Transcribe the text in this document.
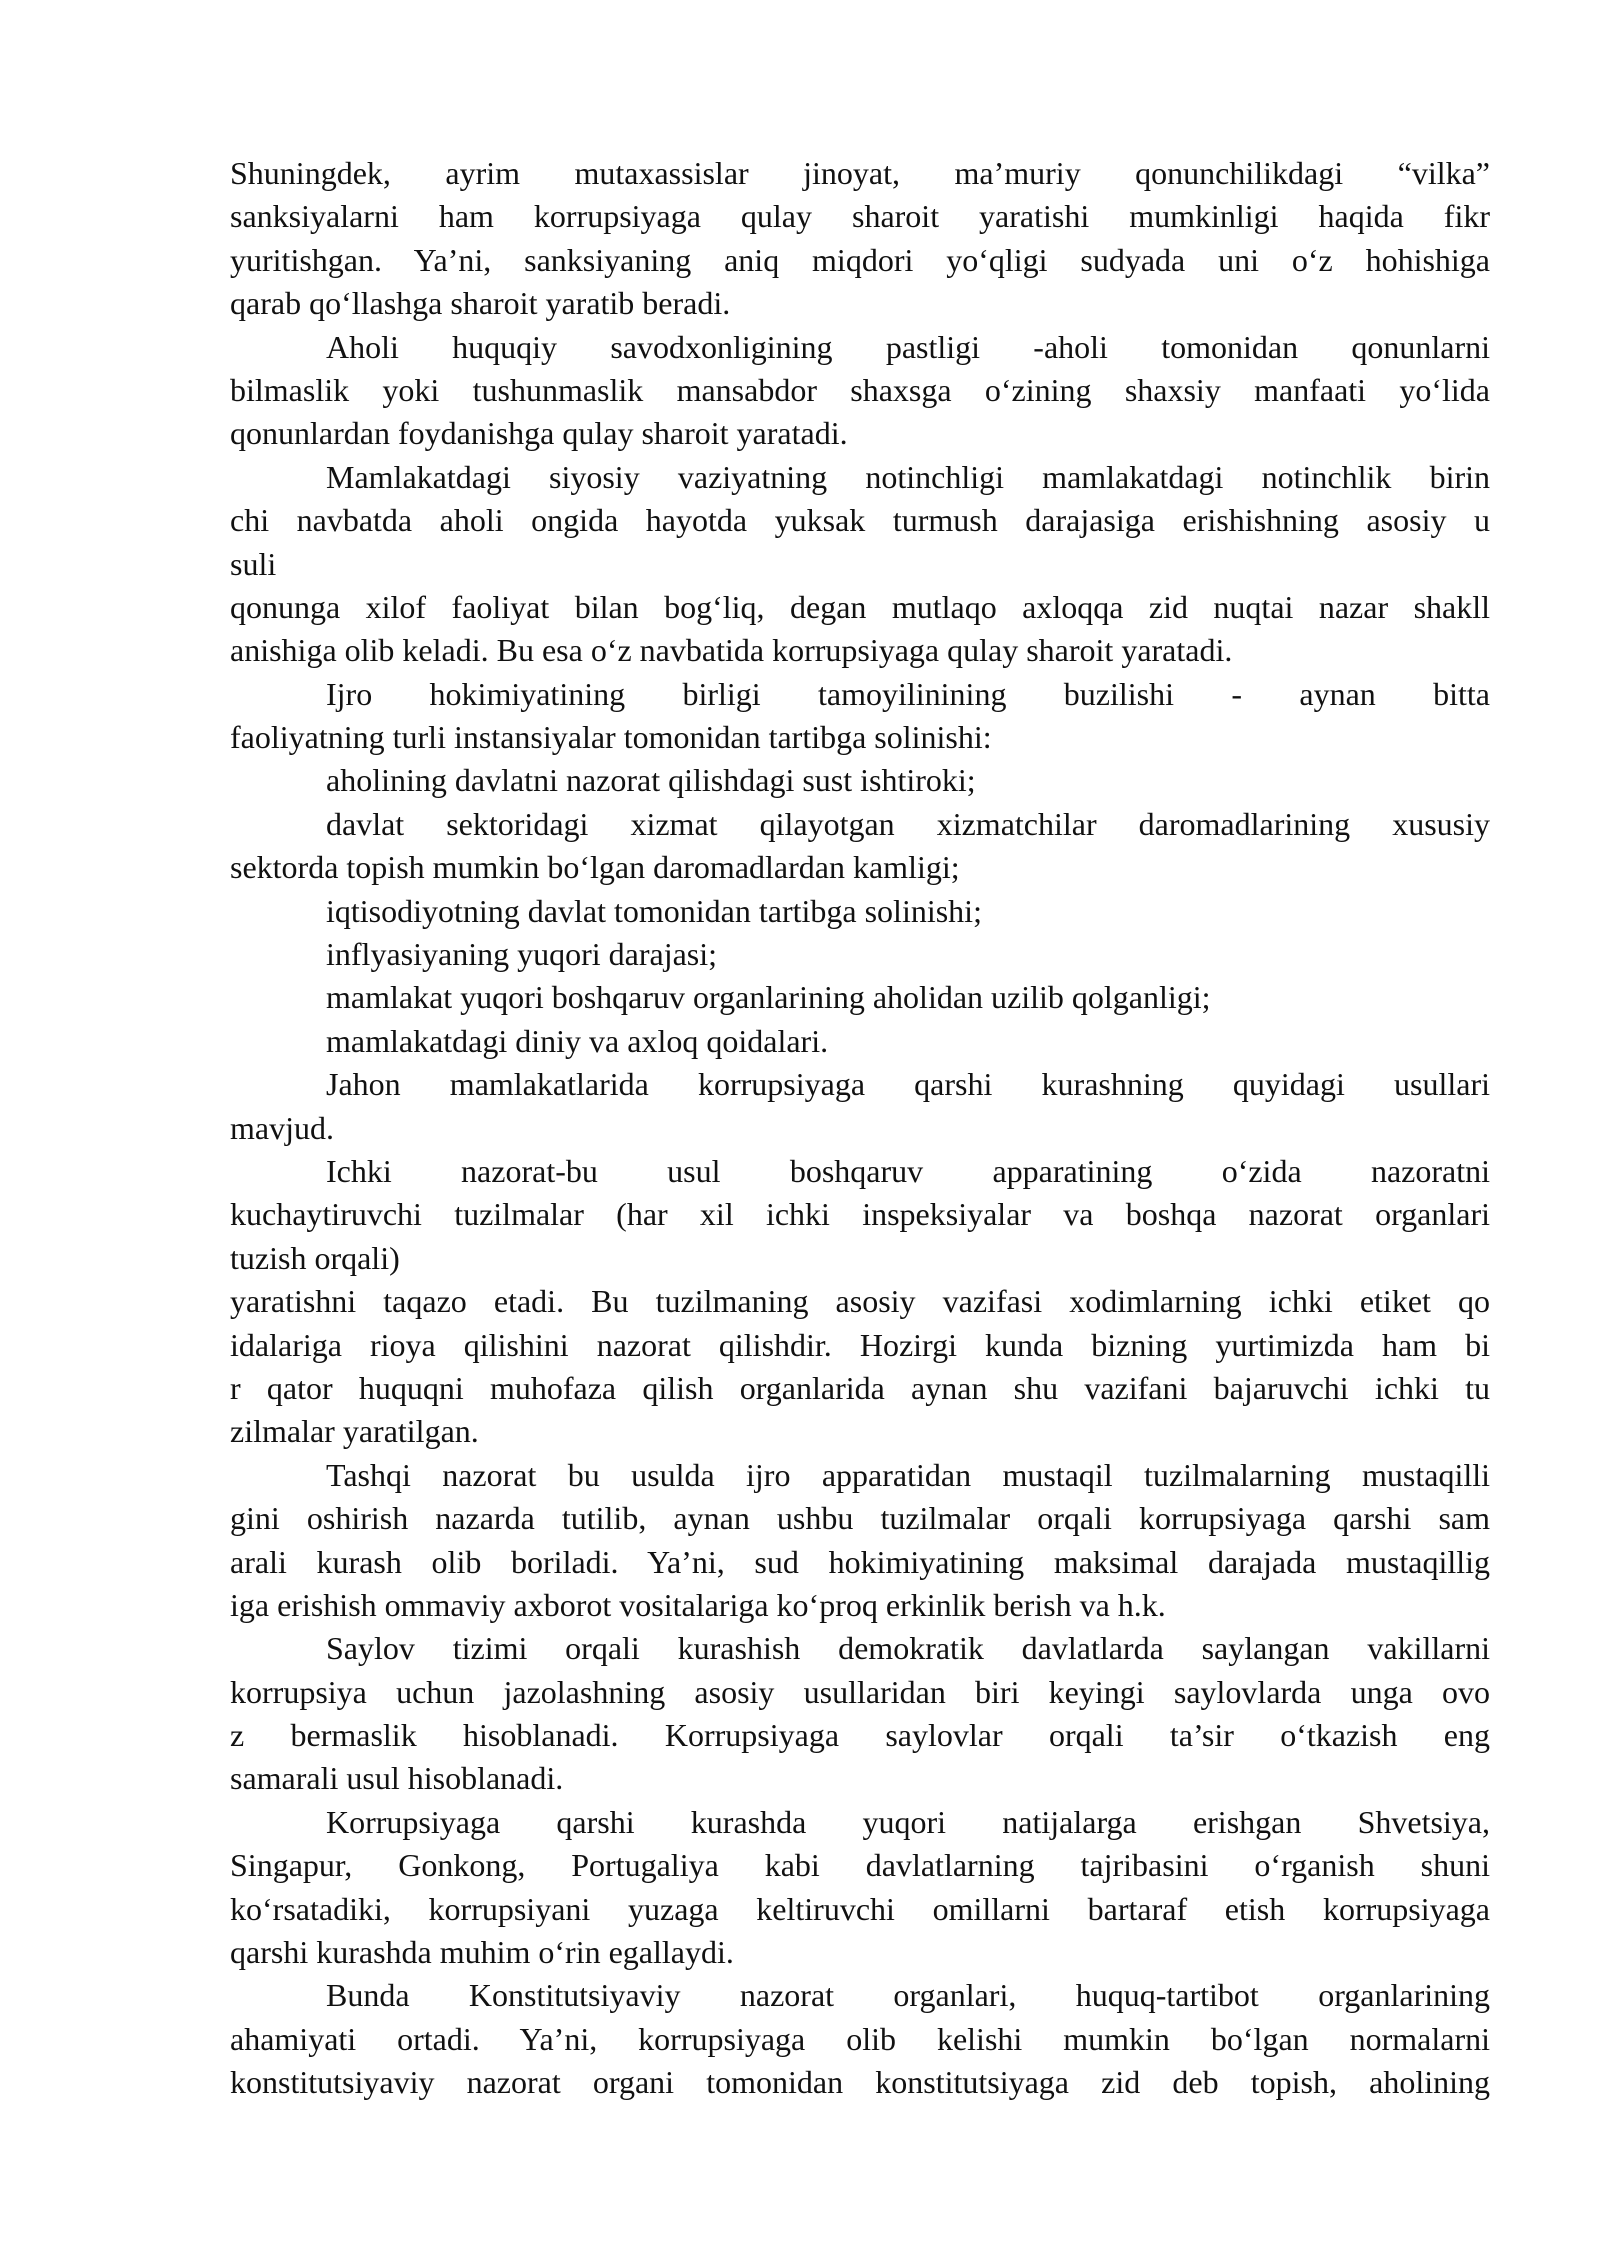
Shuningdek, ayrim mutaxassislar jinoyat, ma’muriy qonunchilikdagi “vilka”
sanksiyalarni ham korrupsiyaga qulay sharoit yaratishi mumkinligi haqida fikr
yuritishgan. Ya’ni, sanksiyaning aniq miqdori yo‘qligi sudyada uni o‘z hohishiga
qarab qo‘llashga sharoit yaratib beradi.
Aholi huquqiy savodxonligining pastligi -aholi tomonidan qonunlarni
bilmaslik yoki tushunmaslik mansabdor shaxsga o‘zining shaxsiy manfaati yo‘lida
qonunlardan foydanishga qulay sharoit yaratadi.
Mamlakatdagi siyosiy vaziyatning notinchligi mamlakatdagi notinchlik birin
chi navbatda aholi ongida hayotda yuksak turmush darajasiga erishishning asosiy u
suli
qonunga xilof faoliyat bilan bog‘liq, degan mutlaqo axloqqa zid nuqtai nazar shakll
anishiga olib keladi. Bu esa o‘z navbatida korrupsiyaga qulay sharoit yaratadi.
Ijro hokimiyatining birligi tamoyilinining buzilishi - aynan bitta
faoliyatning turli instansiyalar tomonidan tartibga solinishi:
aholining davlatni nazorat qilishdagi sust ishtiroki;
davlat sektoridagi xizmat qilayotgan xizmatchilar daromadlarining xususiy
sektorda topish mumkin bo‘lgan daromadlardan kamligi;
iqtisodiyotning davlat tomonidan tartibga solinishi;
inflyasiyaning yuqori darajasi;
mamlakat yuqori boshqaruv organlarining aholidan uzilib qolganligi;
mamlakatdagi diniy va axloq qoidalari.
Jahon mamlakatlarida korrupsiyaga qarshi kurashning quyidagi usullari
mavjud.
Ichki nazorat-bu usul boshqaruv apparatining o‘zida nazoratni
kuchaytiruvchi tuzilmalar (har xil ichki inspeksiyalar va boshqa nazorat organlari
tuzish orqali)
yaratishni taqazo etadi. Bu tuzilmaning asosiy vazifasi xodimlarning ichki etiket qo
idalariga rioya qilishini nazorat qilishdir. Hozirgi kunda bizning yurtimizda ham bi
r qator huquqni muhofaza qilish organlarida aynan shu vazifani bajaruvchi ichki tu
zilmalar yaratilgan.
Tashqi nazorat bu usulda ijro apparatidan mustaqil tuzilmalarning mustaqilli
gini oshirish nazarda tutilib, aynan ushbu tuzilmalar orqali korrupsiyaga qarshi sam
arali kurash olib boriladi. Ya’ni, sud hokimiyatining maksimal darajada mustaqillig
iga erishish ommaviy axborot vositalariga ko‘proq erkinlik berish va h.k.
Saylov tizimi orqali kurashish demokratik davlatlarda saylangan vakillarni
korrupsiya uchun jazolashning asosiy usullaridan biri keyingi saylovlarda unga ovo
z bermaslik hisoblanadi. Korrupsiyaga saylovlar orqali ta’sir o‘tkazish eng
samarali usul hisoblanadi.
Korrupsiyaga qarshi kurashda yuqori natijalarga erishgan Shvetsiya,
Singapur, Gonkong, Portugaliya kabi davlatlarning tajribasini o‘rganish shuni
ko‘rsatadiki, korrupsiyani yuzaga keltiruvchi omillarni bartaraf etish korrupsiyaga
qarshi kurashda muhim o‘rin egallaydi.
Bunda Konstitutsiyaviy nazorat organlari, huquq-tartibot organlarining
ahamiyati ortadi. Ya’ni, korrupsiyaga olib kelishi mumkin bo‘lgan normalarni
konstitutsiyaviy nazorat organi tomonidan konstitutsiyaga zid deb topish, aholining
